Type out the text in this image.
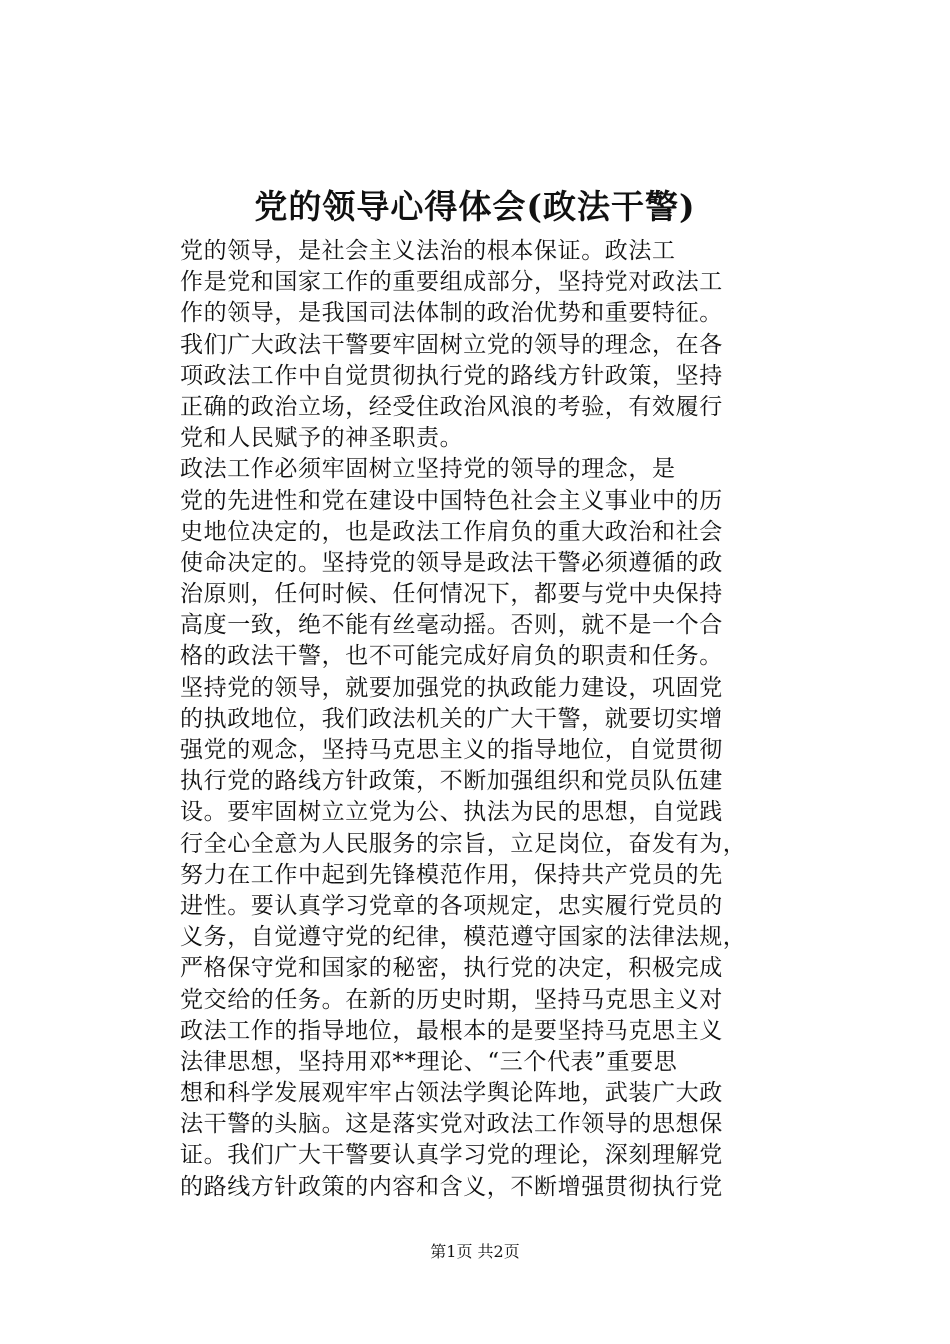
党的领导心得体会(政法干警)
党的领导，是社会主义法治的根本保证。政法工
作是党和国家工作的重要组成部分，坚持党对政法工
作的领导，是我国司法体制的政治优势和重要特征。
我们广大政法干警要牢固树立党的领导的理念，在各
项政法工作中自觉贯彻执行党的路线方针政策，坚持
正确的政治立场，经受住政治风浪的考验，有效履行
党和人民赋予的神圣职责。
政法工作必须牢固树立坚持党的领导的理念，是
党的先进性和党在建设中国特色社会主义事业中的历
史地位决定的，也是政法工作肩负的重大政治和社会
使命决定的。坚持党的领导是政法干警必须遵循的政
治原则，任何时候、任何情况下，都要与党中央保持
高度一致，绝不能有丝毫动摇。否则，就不是一个合
格的政法干警，也不可能完成好肩负的职责和任务。
坚持党的领导，就要加强党的执政能力建设，巩固党
的执政地位，我们政法机关的广大干警，就要切实增
强党的观念，坚持马克思主义的指导地位，自觉贯彻
执行党的路线方针政策，不断加强组织和党员队伍建
设。要牢固树立立党为公、执法为民的思想，自觉践
行全心全意为人民服务的宗旨，立足岗位，奋发有为，
努力在工作中起到先锋模范作用，保持共产党员的先
进性。要认真学习党章的各项规定，忠实履行党员的
义务，自觉遵守党的纪律，模范遵守国家的法律法规，
严格保守党和国家的秘密，执行党的决定，积极完成
党交给的任务。在新的历史时期，坚持马克思主义对
政法工作的指导地位，最根本的是要坚持马克思主义
法律思想，坚持用邓**理论、“三个代表”重要思
想和科学发展观牢牢占领法学舆论阵地，武装广大政
法干警的头脑。这是落实党对政法工作领导的思想保
证。我们广大干警要认真学习党的理论，深刻理解党
的路线方针政策的内容和含义，不断增强贯彻执行党
第1页 共2页
